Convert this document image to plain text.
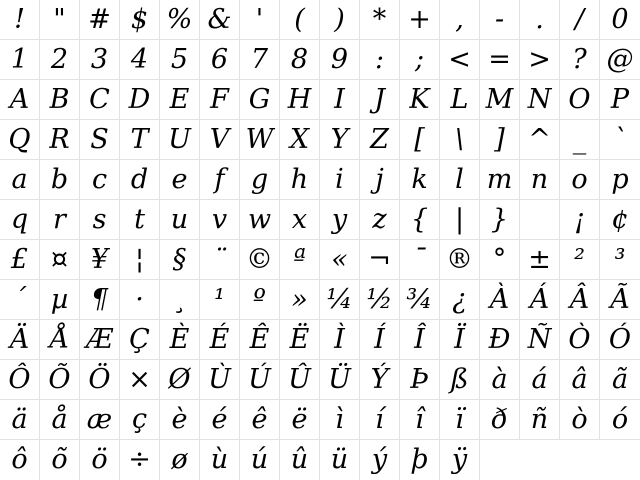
!	" # $ % & '	(	)	* + ,	-	.	/	0
1 2 3 4 5 6 7 8 9 :	; < = > ? @
A B C D E F G H I	J K L M N O P
Q R S T U V W X Y Z [	\	] ^ _	`
a b c d e	f g h i	j	k	l m n o p
q r s	t u v w x y z { | }	¡ ¢
£ ¤ ¥ ¦	§ ¨ © ª « ¬ ¯ ® ° ± ²	³
´ µ ¶	·	¸	¹	º » ¼ ½ ¾ ¿ À Á Â Ã
Ä Å Æ Ç È É Ê Ë Ì	Í	Î	Ï Ð Ñ Ò Ó
Ô Õ Ö × Ø Ù Ú Û Ü Ý Þ ß à á â ã
ä å æ ç è é ê ë	ì	í	î	ï	ð ñ ò ó
ô õ ö ÷ ø ù ú û ü ý þ ÿ
